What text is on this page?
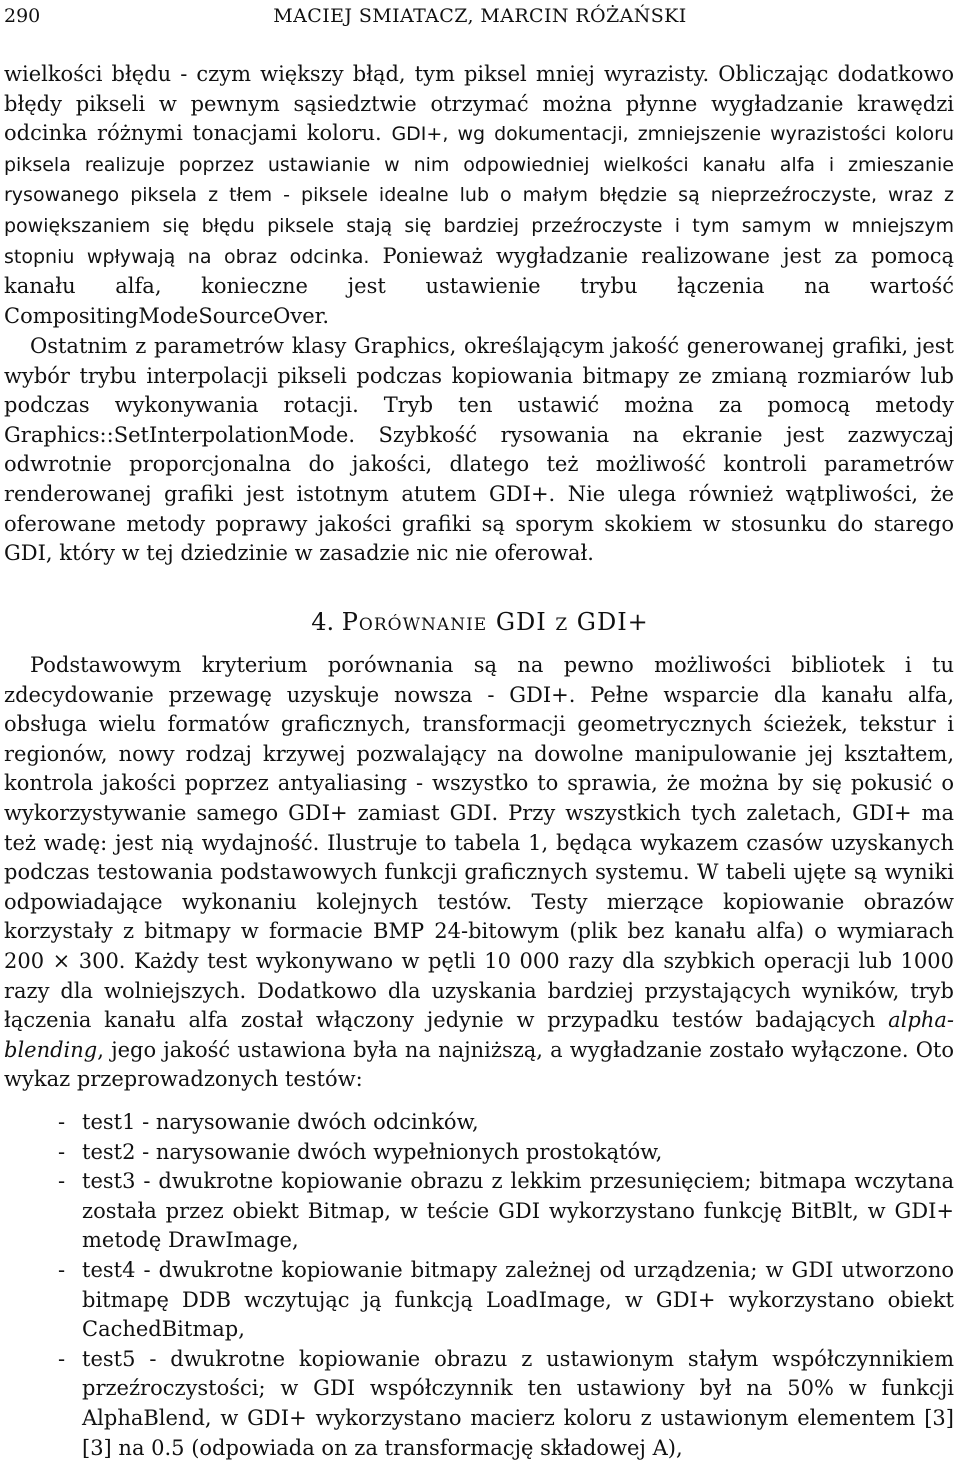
290	MACIEJ SMIATACZ, MARCIN RÓŻAŃSKI

wielkości błędu - czym większy błąd, tym piksel mniej wyrazisty. Obliczając dodatkowo błędy pikseli w pewnym sąsiedztwie otrzymać można płynne wygładzanie krawędzi odcinka różnymi tonacjami koloru. GDI+, wg dokumentacji, zmniejszenie wyrazistości koloru piksela realizuje poprzez ustawianie w nim odpowiedniej wielkości kanału alfa i zmieszanie rysowanego piksela z tłem - piksele idealne lub o małym błędzie są nieprzeźroczyste, wraz z powiększaniem się błędu piksele stają się bardziej przeźroczyste i tym samym w mniejszym stopniu wpływają na obraz odcinka. Ponieważ wygładzanie realizowane jest za pomocą kanału alfa, konieczne jest ustawienie trybu łączenia na wartość CompositingModeSourceOver.

Ostatnim z parametrów klasy Graphics, określającym jakość generowanej grafiki, jest wybór trybu interpolacji pikseli podczas kopiowania bitmapy ze zmianą rozmiarów lub podczas wykonywania rotacji. Tryb ten ustawić można za pomocą metody Graphics::SetInterpolationMode. Szybkość rysowania na ekranie jest zazwyczaj odwrotnie proporcjonalna do jakości, dlatego też możliwość kontroli parametrów renderowanej grafiki jest istotnym atutem GDI+. Nie ulega również wątpliwości, że oferowane metody poprawy jakości grafiki są sporym skokiem w stosunku do starego GDI, który w tej dziedzinie w zasadzie nic nie oferował.

4. Porównanie GDI z GDI+

Podstawowym kryterium porównania są na pewno możliwości bibliotek i tu zdecydowanie przewagę uzyskuje nowsza - GDI+. Pełne wsparcie dla kanału alfa, obsługa wielu formatów graficznych, transformacji geometrycznych ścieżek, tekstur i regionów, nowy rodzaj krzywej pozwalający na dowolne manipulowanie jej kształtem, kontrola jakości poprzez antyaliasing - wszystko to sprawia, że można by się pokusić o wykorzystywanie samego GDI+ zamiast GDI. Przy wszystkich tych zaletach, GDI+ ma też wadę: jest nią wydajność. Ilustruje to tabela 1, będąca wykazem czasów uzyskanych podczas testowania podstawowych funkcji graficznych systemu. W tabeli ujęte są wyniki odpowiadające wykonaniu kolejnych testów. Testy mierzące kopiowanie obrazów korzystały z bitmapy w formacie BMP 24-bitowym (plik bez kanału alfa) o wymiarach 200 × 300. Każdy test wykonywano w pętli 10 000 razy dla szybkich operacji lub 1000 razy dla wolniejszych. Dodatkowo dla uzyskania bardziej przystających wyników, tryb łączenia kanału alfa został włączony jedynie w przypadku testów badających alpha-blending, jego jakość ustawiona była na najniższą, a wygładzanie zostało wyłączone. Oto wykaz przeprowadzonych testów:

- test1 - narysowanie dwóch odcinków,
- test2 - narysowanie dwóch wypełnionych prostokątów,
- test3 - dwukrotne kopiowanie obrazu z lekkim przesunięciem; bitmapa wczytana została przez obiekt Bitmap, w teście GDI wykorzystano funkcję BitBlt, w GDI+ metodę DrawImage,
- test4 - dwukrotne kopiowanie bitmapy zależnej od urządzenia; w GDI utworzono bitmapę DDB wczytując ją funkcją LoadImage, w GDI+ wykorzystano obiekt CachedBitmap,
- test5 - dwukrotne kopiowanie obrazu z ustawionym stałym współczynnikiem przeźroczystości; w GDI współczynnik ten ustawiony był na 50% w funkcji AlphaBlend, w GDI+ wykorzystano macierz koloru z ustawionym elementem [3][3] na 0.5 (odpowiada on za transformację składowej A),
